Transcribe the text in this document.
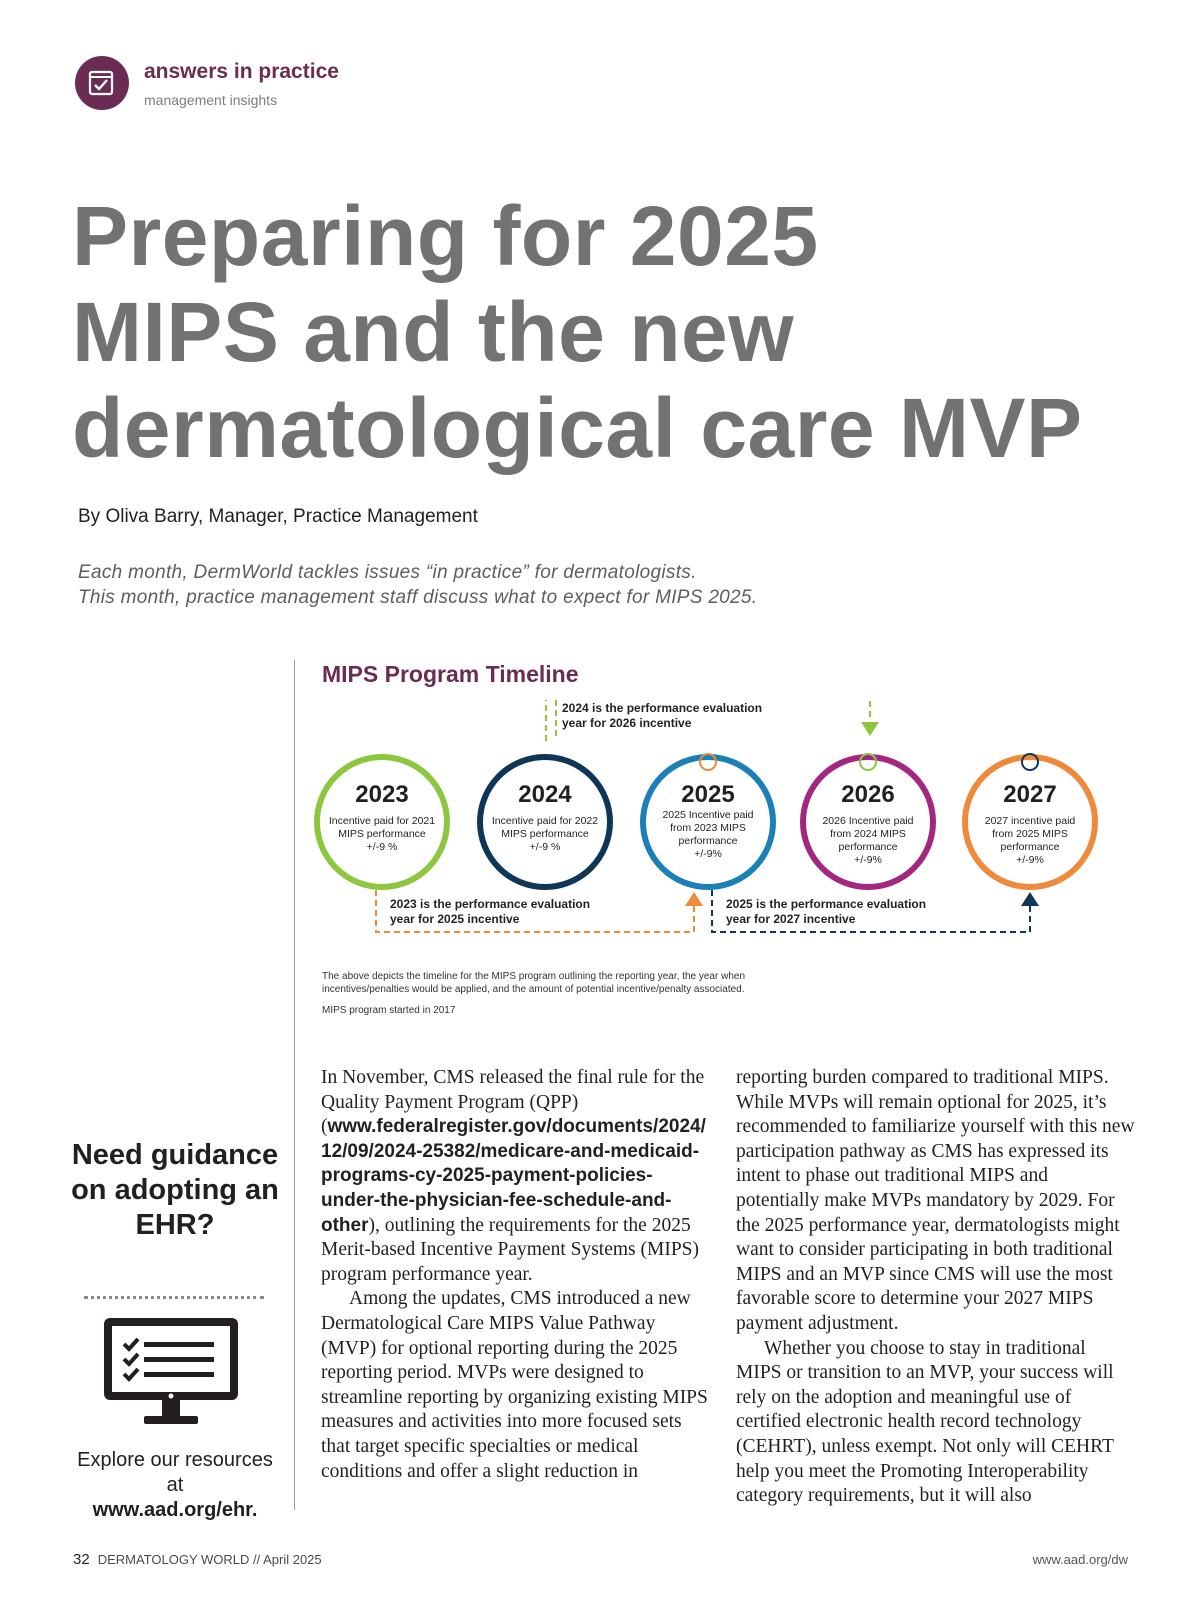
answers in practice
management insights
Preparing for 2025
MIPS and the new
dermatological care MVP
By Oliva Barry, Manager, Practice Management
Each month, DermWorld tackles issues “in practice” for dermatologists.
This month, practice management staff discuss what to expect for MIPS 2025.
MIPS Program Timeline
2024 is the performance evaluation year for 2026 incentive
2023
Incentive paid for 2021
MIPS performance
+/-9 %
2024
Incentive paid for 2022
MIPS performance
+/-9 %
2025
2025 Incentive paid
from 2023 MIPS
performance
+/-9%
2026
2026 Incentive paid
from 2024 MIPS
performance
+/-9%
2027
2027 incentive paid
from 2025 MIPS
performance
+/-9%
2023 is the performance evaluation year for 2025 incentive
2025 is the performance evaluation year for 2027 incentive
The above depicts the timeline for the MIPS program outlining the reporting year, the year when incentives/penalties would be applied, and the amount of potential incentive/penalty associated.
MIPS program started in 2017
Need guidance on adopting an EHR?
Explore our resources at
www.aad.org/ehr.

In November, CMS released the final rule for the Quality Payment Program (QPP) (www.federalregister.gov/documents/2024/12/09/2024-25382/medicare-and-medicaid-programs-cy-2025-payment-policies-under-the-physician-fee-schedule-and-other), outlining the requirements for the 2025 Merit-based Incentive Payment Systems (MIPS) program performance year.

Among the updates, CMS introduced a new Dermatological Care MIPS Value Pathway (MVP) for optional reporting during the 2025 reporting period. MVPs were designed to streamline reporting by organizing existing MIPS measures and activities into more focused sets that target specific specialties or medical conditions and offer a slight reduction in

reporting burden compared to traditional MIPS. While MVPs will remain optional for 2025, it’s recommended to familiarize yourself with this new participation pathway as CMS has expressed its intent to phase out traditional MIPS and potentially make MVPs mandatory by 2029. For the 2025 performance year, dermatologists might want to consider participating in both traditional MIPS and an MVP since CMS will use the most favorable score to determine your 2027 MIPS payment adjustment.

Whether you choose to stay in traditional MIPS or transition to an MVP, your success will rely on the adoption and meaningful use of certified electronic health record technology (CEHRT), unless exempt. Not only will CEHRT help you meet the Promoting Interoperability category requirements, but it will also

32 DERMATOLOGY WORLD // April 2025	www.aad.org/dw
